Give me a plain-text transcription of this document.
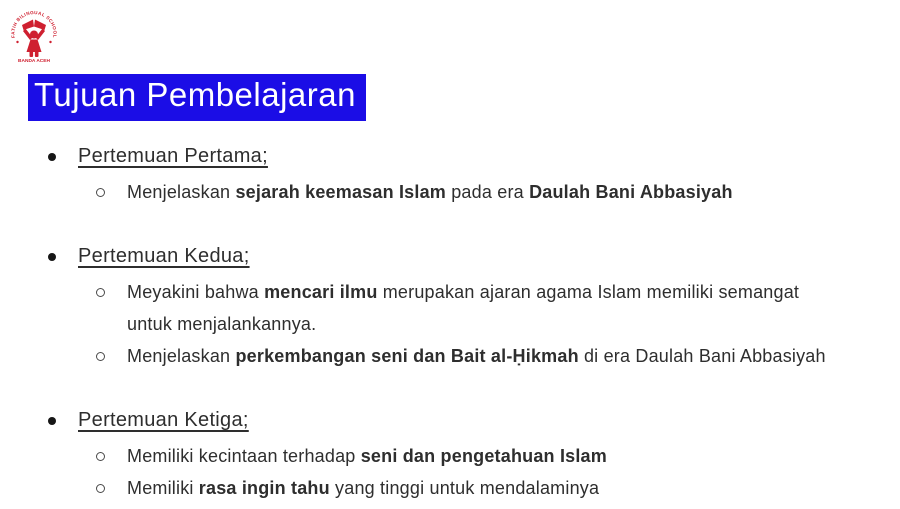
FATIH BILINGUAL SCHOOL
BANDA ACEH
Tujuan Pembelajaran
Pertemuan Pertama;
Menjelaskan sejarah keemasan Islam pada era Daulah Bani Abbasiyah
Pertemuan Kedua;
Meyakini bahwa mencari ilmu merupakan ajaran agama Islam memiliki semangat
untuk menjalankannya.
Menjelaskan perkembangan seni dan Bait al-Ḥikmah di era Daulah Bani Abbasiyah
Pertemuan Ketiga;
Memiliki kecintaan terhadap seni dan pengetahuan Islam
Memiliki rasa ingin tahu yang tinggi untuk mendalaminya
